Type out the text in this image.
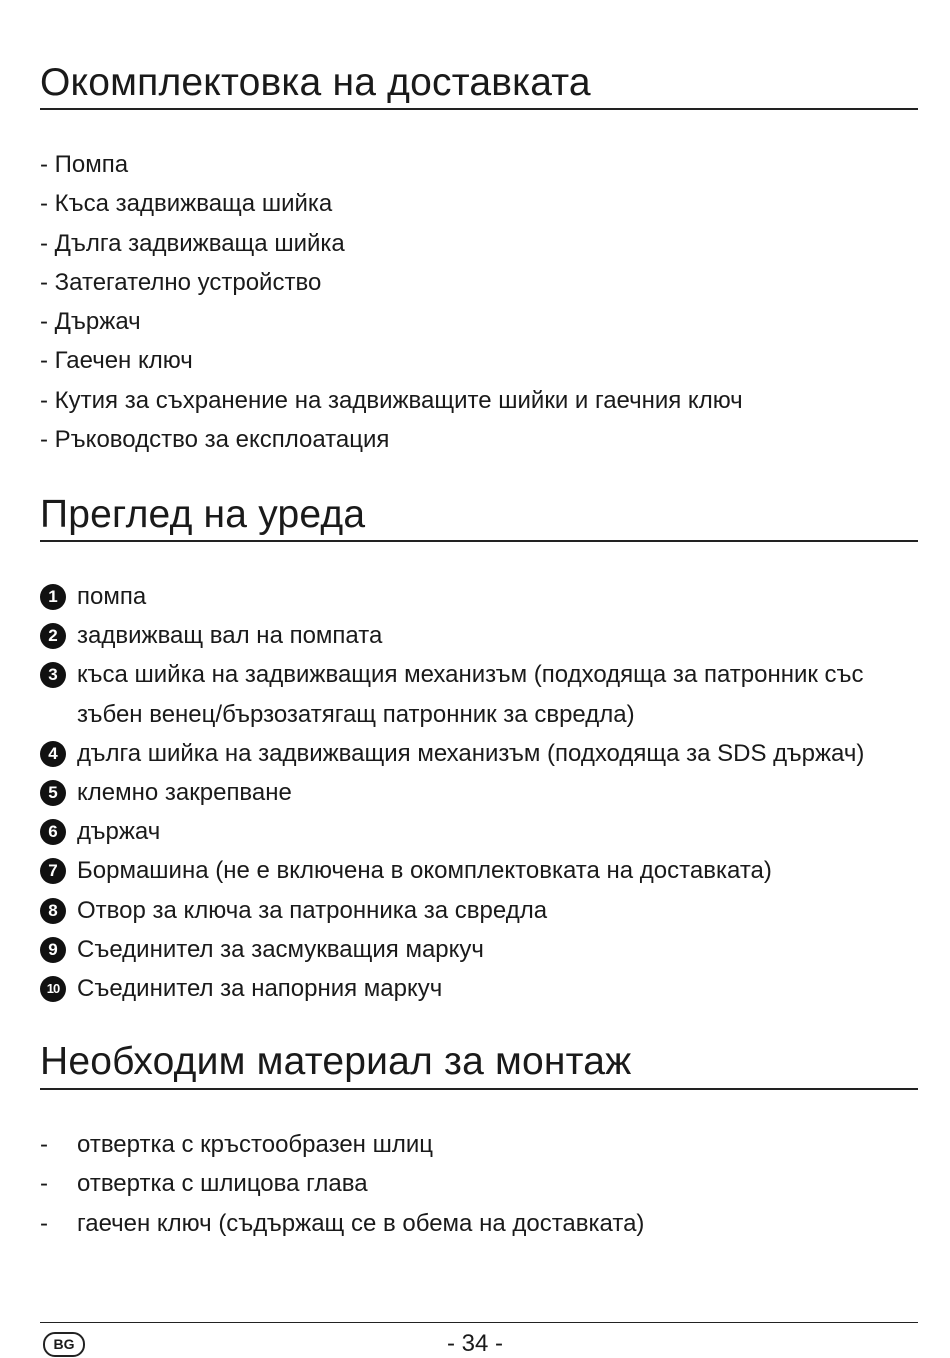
Окомплектовка на доставката
- Помпа
- Къса задвижваща шийка
- Дълга задвижваща шийка
- Затегателно устройство
- Държач
- Гаечен ключ
- Кутия за съхранение на задвижващите шийки и гаечния ключ
- Ръководство за експлоатация
Преглед на уреда
1 помпа
2 задвижващ вал на помпата
3 къса шийка на задвижващия механизъм (подходяща за патронник със зъбен венец/бързозатягащ патронник за свредла)
4 дълга шийка на задвижващия механизъм (подходяща за SDS държач)
5 клемно закрепване
6 държач
7 Бормашина (не е включена в окомплектовката на доставката)
8 Отвор за ключа за патронника за свредла
9 Съединител за засмукващия маркуч
10 Съединител за напорния маркуч
Необходим материал за монтаж
- отвертка с кръстообразен шлиц
- отвертка с шлицова глава
- гаечен ключ (съдържащ се в обема на доставката)
BG	- 34 -
